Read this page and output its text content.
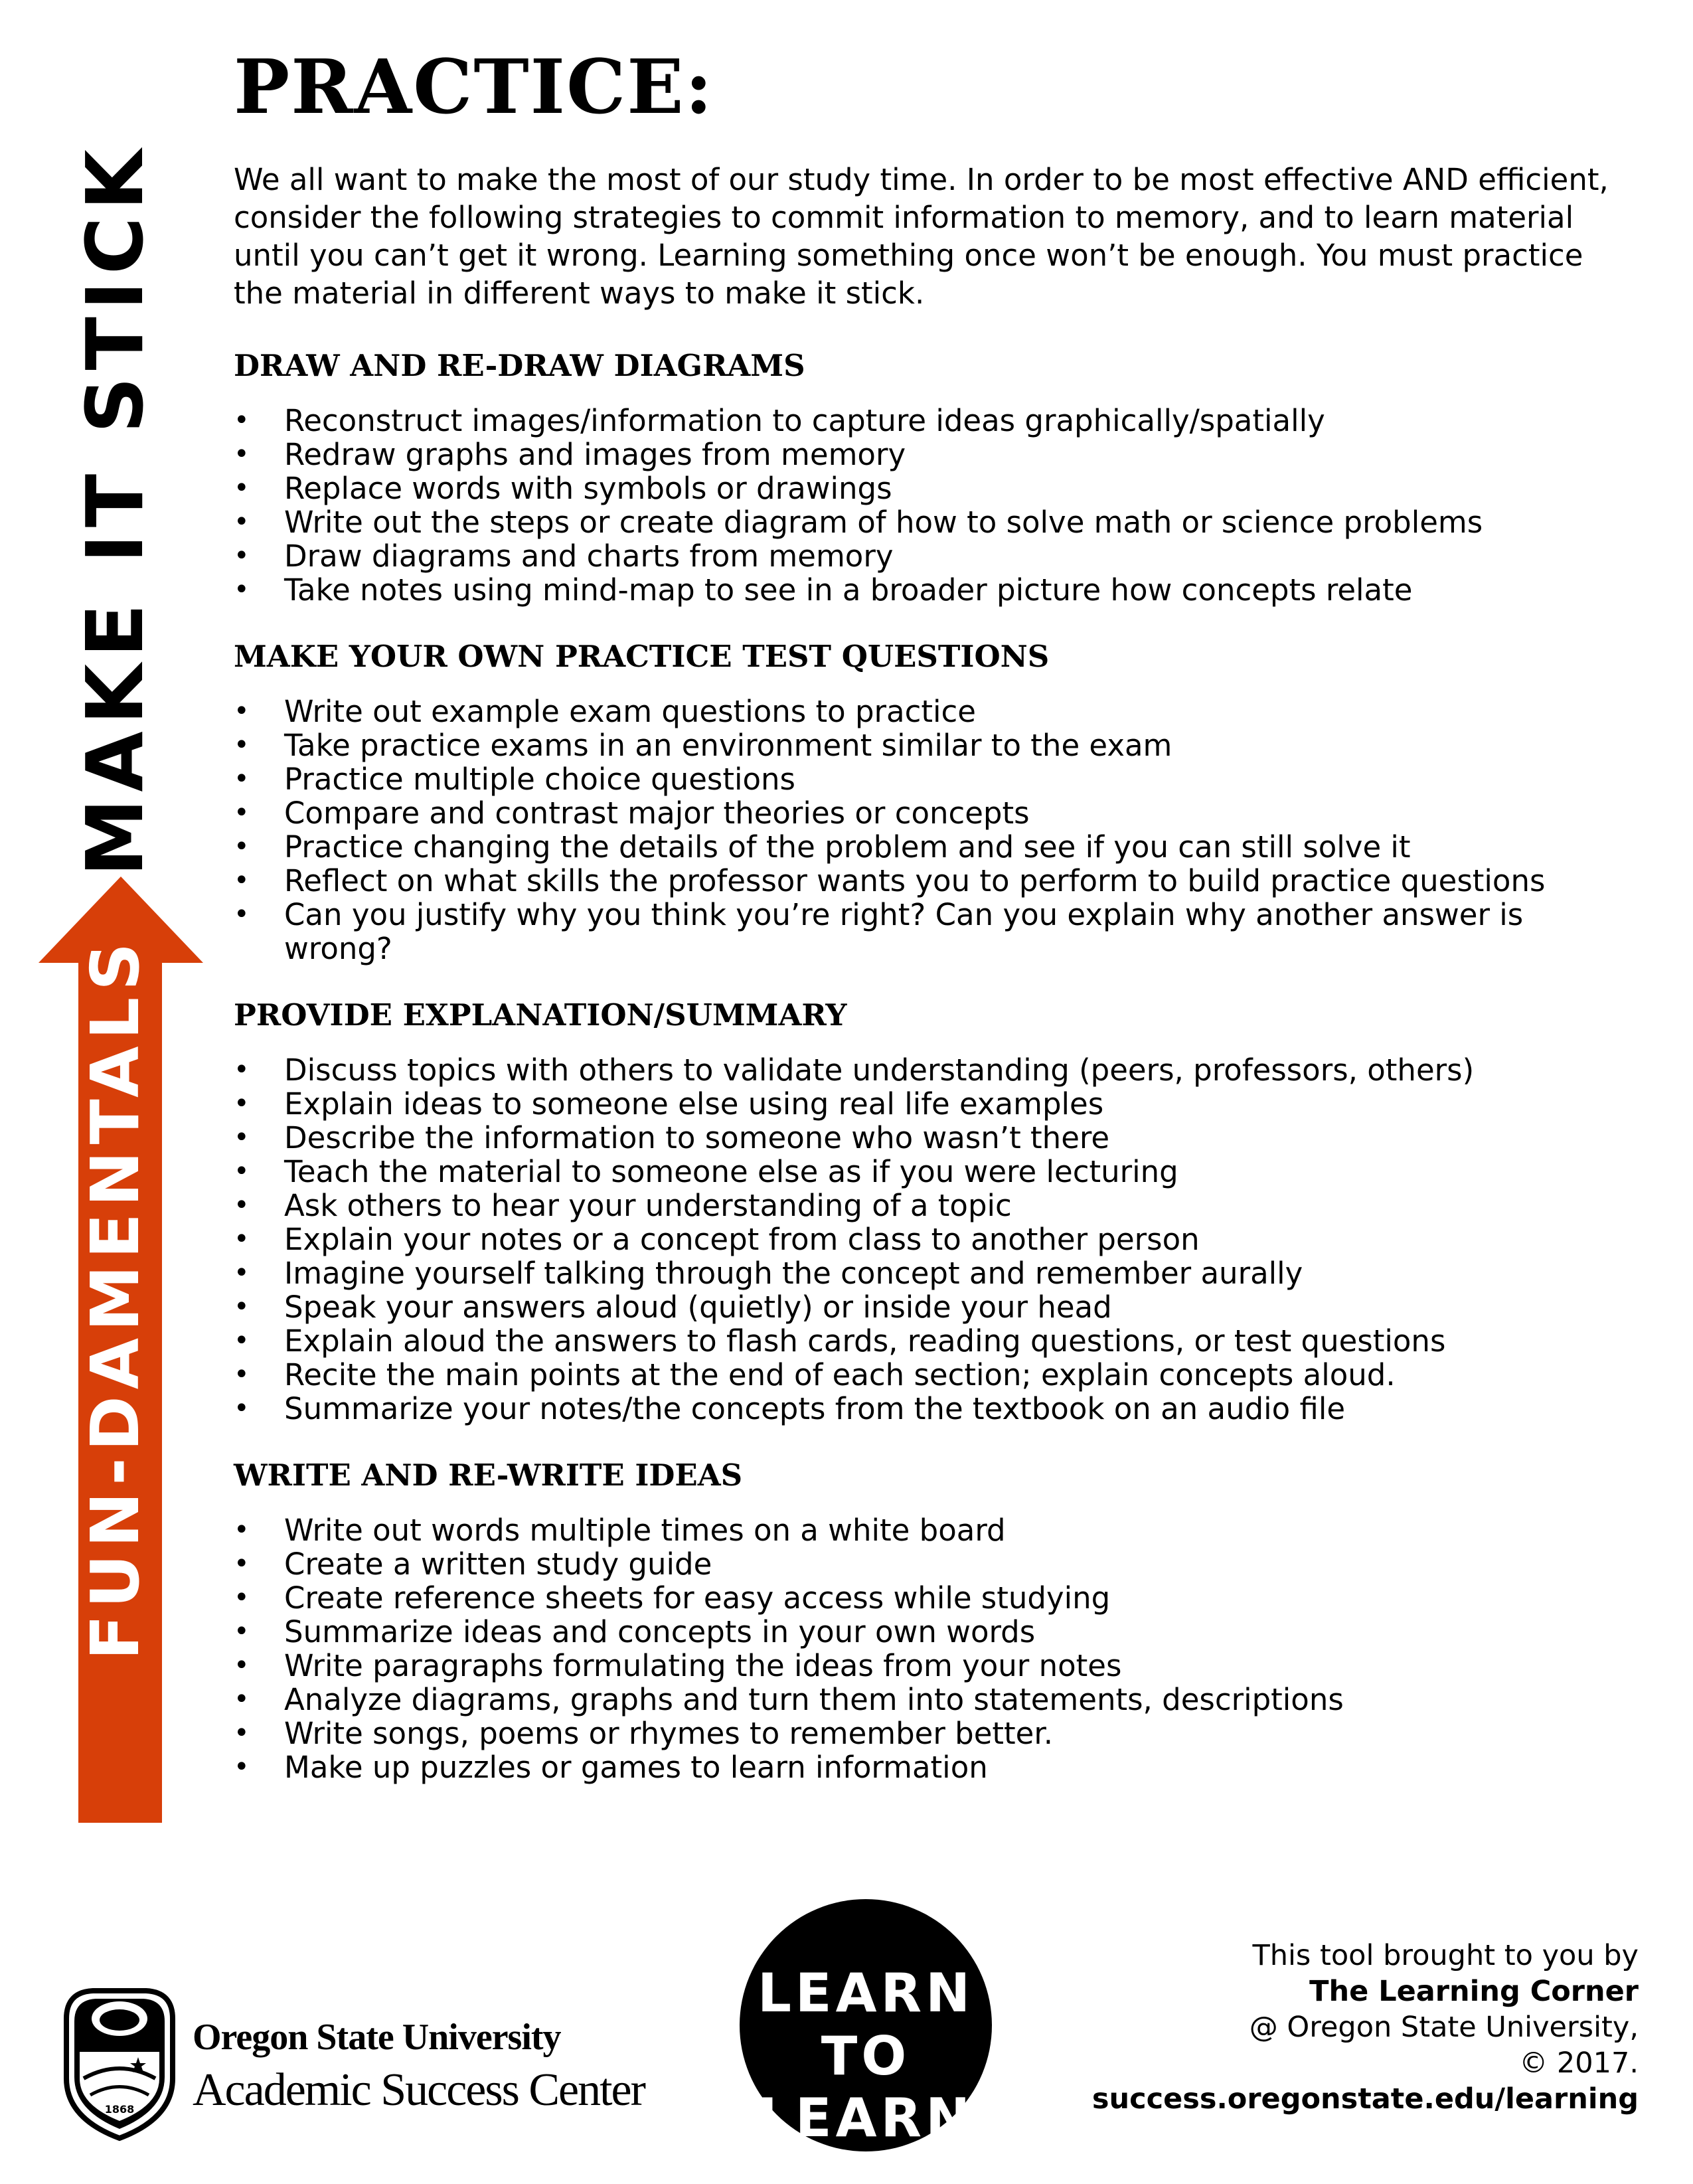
PRACTICE:
FUN-DAMENTALS
MAKE IT STICK We all want to make the most of our study time. In order to be most effective AND efficient, consider the following strategies to commit information to memory, and to learn material until you can’t get it wrong. Learning something once won’t be enough. You must practice the material in different ways to make it stick.

DRAW AND RE-DRAW DIAGRAMS
• Reconstruct images/information to capture ideas graphically/spatially
• Redraw graphs and images from memory
• Replace words with symbols or drawings
• Write out the steps or create diagram of how to solve math or science problems
• Draw diagrams and charts from memory
• Take notes using mind-map to see in a broader picture how concepts relate
MAKE YOUR OWN PRACTICE TEST QUESTIONS
• Write out example exam questions to practice
• Take practice exams in an environment similar to the exam
• Practice multiple choice questions
• Compare and contrast major theories or concepts
• Practice changing the details of the problem and see if you can still solve it
• Reflect on what skills the professor wants you to perform to build practice questions
• Can you justify why you think you’re right? Can you explain why another answer is wrong?
PROVIDE EXPLANATION/SUMMARY
• Discuss topics with others to validate understanding (peers, professors, others)
• Explain ideas to someone else using real life examples
• Describe the information to someone who wasn’t there
• Teach the material to someone else as if you were lecturing
• Ask others to hear your understanding of a topic
• Explain your notes or a concept from class to another person
• Imagine yourself talking through the concept and remember aurally
• Speak your answers aloud (quietly) or inside your head
• Explain aloud the answers to flash cards, reading questions, or test questions
• Recite the main points at the end of each section; explain concepts aloud.
• Summarize your notes/the concepts from the textbook on an audio file
WRITE AND RE-WRITE IDEAS
• Write out words multiple times on a white board
• Create a written study guide
• Create reference sheets for easy access while studying
• Summarize ideas and concepts in your own words
• Write paragraphs formulating the ideas from your notes
• Analyze diagrams, graphs and turn them into statements, descriptions
• Write songs, poems or rhymes to remember better.
• Make up puzzles or games to learn information
1868
Oregon State University
Academic Success Center
LEARN
TO LEARN
This tool brought to you by
The Learning Corner
@ Oregon State University,
© 2017.
success.oregonstate.edu/learning
